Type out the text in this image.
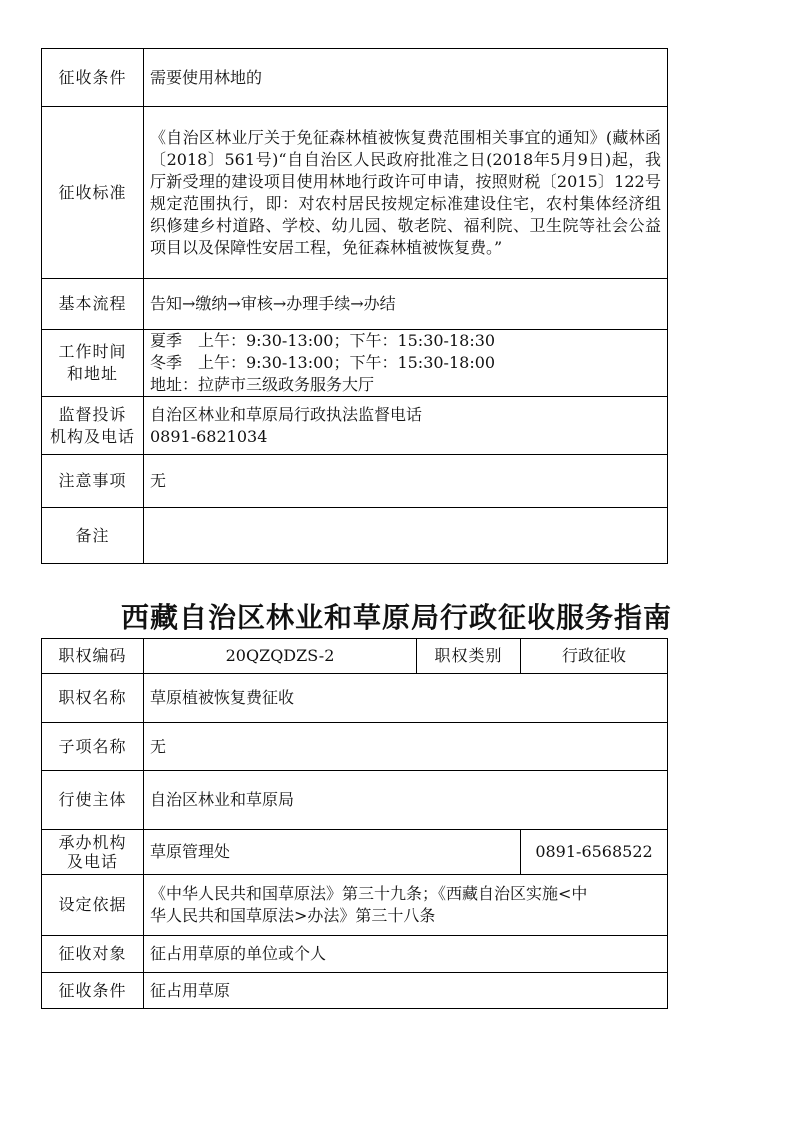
征收条件	需要使用林地的
征收标准	《自治区林业厅关于免征森林植被恢复费范围相关事宜的通知》(藏林函〔2018〕561号)“自自治区人民政府批准之日(2018年5月9日)起，我厅新受理的建设项目使用林地行政许可申请，按照财税〔2015〕122号规定范围执行，即：对农村居民按规定标准建设住宅，农村集体经济组织修建乡村道路、学校、幼儿园、敬老院、福利院、卫生院等社会公益项目以及保障性安居工程，免征森林植被恢复费。”

基本流程	告知→缴纳→审核→办理手续→办结

工作时间
和地址	夏季　上午：9:30-13:00；下午：15:30-18:30
冬季　上午：9:30-13:00；下午：15:30-18:00
地址：拉萨市三级政务服务大厅

监督投诉
机构及电话	自治区林业和草原局行政执法监督电话
0891-6821034

注意事项	无
备注	
西藏自治区林业和草原局行政征收服务指南
职权编码	20QZQDZS-2	职权类别	行政征收
职权名称	草原植被恢复费征收		
子项名称	无		
行使主体	自治区林业和草原局		

承办机构
及电话	草原管理处		0891-6568522
设定依据	《中华人民共和国草原法》第三十九条；《西藏自治区实施<中
华人民共和国草原法>办法》第三十八条		

征收对象	征占用草原的单位或个人		
征收条件	征占用草原		
